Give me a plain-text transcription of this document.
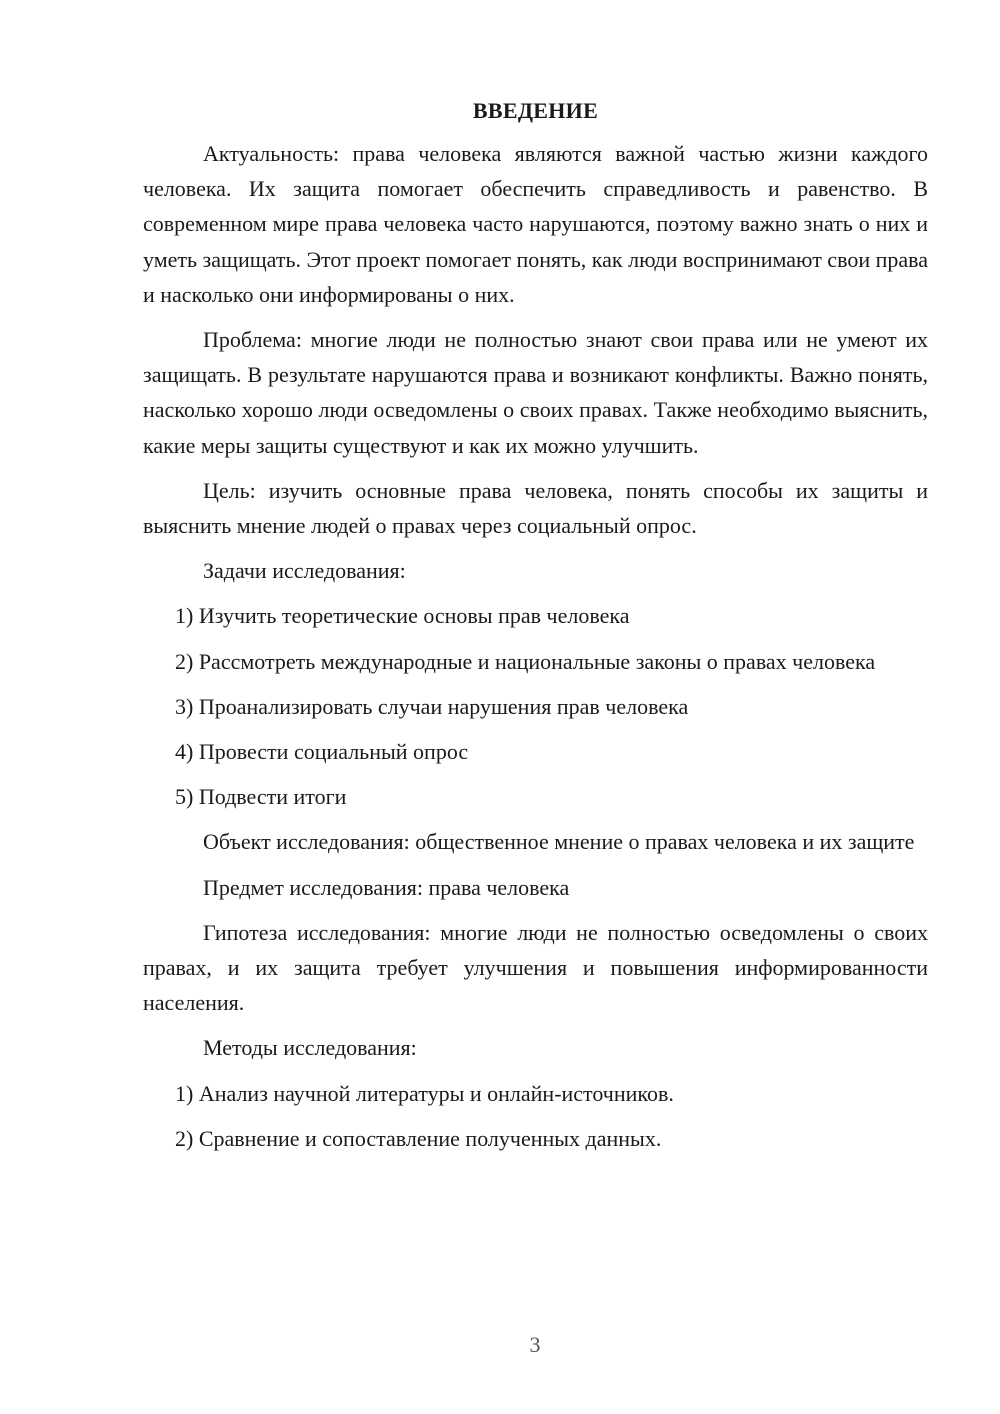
ВВЕДЕНИЕ

Актуальность: права человека являются важной частью жизни каждого человека. Их защита помогает обеспечить справедливость и равенство. В современном мире права человека часто нарушаются, поэтому важно знать о них и уметь защищать. Этот проект помогает понять, как люди воспринимают свои права и насколько они информированы о них.

Проблема: многие люди не полностью знают свои права или не умеют их защищать. В результате нарушаются права и возникают конфликты. Важно понять, насколько хорошо люди осведомлены о своих правах. Также необходимо выяснить, какие меры защиты существуют и как их можно улучшить.

Цель: изучить основные права человека, понять способы их защиты и выяснить мнение людей о правах через социальный опрос.

Задачи исследования:

1) Изучить теоретические основы прав человека

2) Рассмотреть международные и национальные законы о правах человека

3) Проанализировать случаи нарушения прав человека

4) Провести социальный опрос

5) Подвести итоги

Объект исследования: общественное мнение о правах человека и их защите

Предмет исследования: права человека

Гипотеза исследования: многие люди не полностью осведомлены о своих правах, и их защита требует улучшения и повышения информированности населения.

Методы исследования:

1) Анализ научной литературы и онлайн-источников.

2) Сравнение и сопоставление полученных данных.

3
